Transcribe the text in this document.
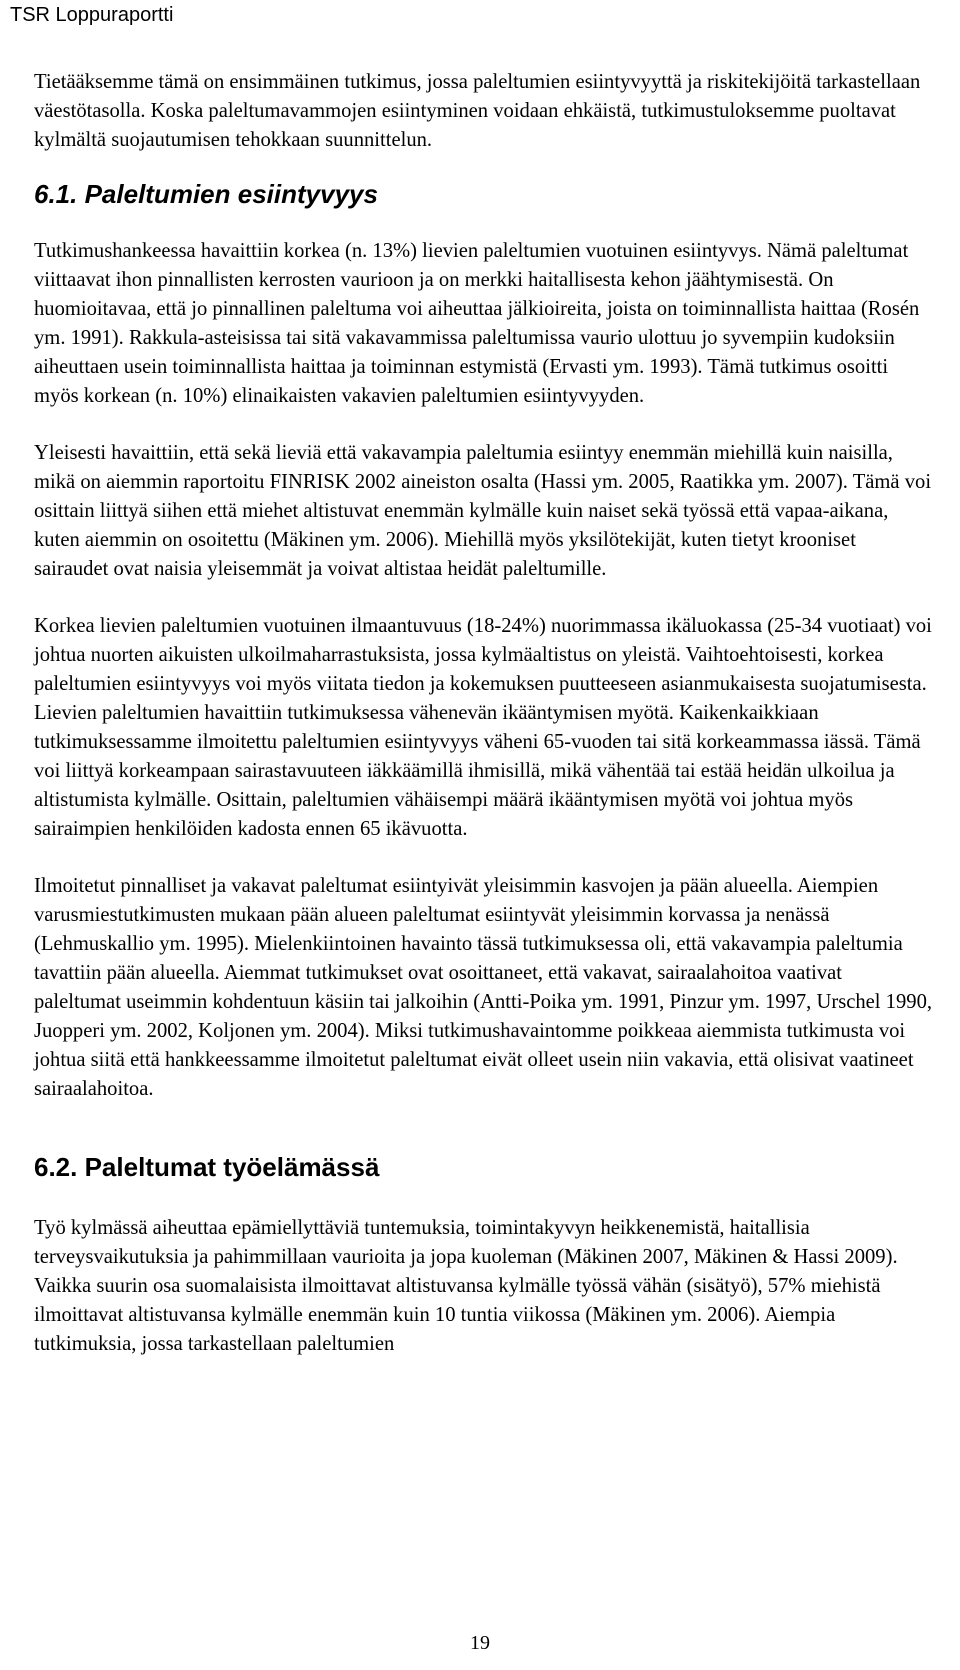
TSR Loppuraportti

Tietääksemme tämä on ensimmäinen tutkimus, jossa paleltumien esiintyvyyttä ja riskitekijöitä tarkastellaan väestötasolla. Koska paleltumavammojen esiintyminen voidaan ehkäistä, tutkimustuloksemme puoltavat kylmältä suojautumisen tehokkaan suunnittelun.

6.1. Paleltumien esiintyvyys

Tutkimushankeessa havaittiin korkea (n. 13%) lievien paleltumien vuotuinen esiintyvys. Nämä paleltumat viittaavat ihon pinnallisten kerrosten vaurioon ja on merkki haitallisesta kehon jäähtymisestä. On huomioitavaa, että jo pinnallinen paleltuma voi aiheuttaa jälkioireita, joista on toiminnallista haittaa (Rosén ym. 1991). Rakkula-asteisissa tai sitä vakavammissa paleltumissa vaurio ulottuu jo syvempiin kudoksiin aiheuttaen usein toiminnallista haittaa ja toiminnan estymistä (Ervasti ym. 1993). Tämä tutkimus osoitti myös korkean (n. 10%) elinaikaisten vakavien paleltumien esiintyvyyden.

Yleisesti havaittiin, että sekä lieviä että vakavampia paleltumia esiintyy enemmän miehillä kuin naisilla, mikä on aiemmin raportoitu FINRISK 2002 aineiston osalta (Hassi ym. 2005, Raatikka ym. 2007). Tämä voi osittain liittyä siihen että miehet altistuvat enemmän kylmälle kuin naiset sekä työssä että vapaa-aikana, kuten aiemmin on osoitettu (Mäkinen ym. 2006). Miehillä myös yksilötekijät, kuten tietyt krooniset sairaudet ovat naisia yleisemmät ja voivat altistaa heidät paleltumille.

Korkea lievien paleltumien vuotuinen ilmaantuvuus (18-24%) nuorimmassa ikäluokassa (25-34 vuotiaat) voi johtua nuorten aikuisten ulkoilmaharrastuksista, jossa kylmäaltistus on yleistä. Vaihtoehtoisesti, korkea paleltumien esiintyvyys voi myös viitata tiedon ja kokemuksen puutteeseen asianmukaisesta suojatumisesta. Lievien paleltumien havaittiin tutkimuksessa vähenevän ikääntymisen myötä. Kaikenkaikkiaan tutkimuksessamme ilmoitettu paleltumien esiintyvyys väheni 65-vuoden tai sitä korkeammassa iässä. Tämä voi liittyä korkeampaan sairastavuuteen iäkkäämillä ihmisillä, mikä vähentää tai estää heidän ulkoilua ja altistumista kylmälle. Osittain, paleltumien vähäisempi määrä ikääntymisen myötä voi johtua myös sairaimpien henkilöiden kadosta ennen 65 ikävuotta.

Ilmoitetut pinnalliset ja vakavat paleltumat esiintyivät yleisimmin kasvojen ja pään alueella. Aiempien varusmiestutkimusten mukaan pään alueen paleltumat esiintyvät yleisimmin korvassa ja nenässä (Lehmuskallio ym. 1995). Mielenkiintoinen havainto tässä tutkimuksessa oli, että vakavampia paleltumia tavattiin pään alueella. Aiemmat tutkimukset ovat osoittaneet, että vakavat, sairaalahoitoa vaativat paleltumat useimmin kohdentuun käsiin tai jalkoihin (Antti-Poika ym. 1991, Pinzur ym. 1997, Urschel 1990, Juopperi ym. 2002, Koljonen ym. 2004). Miksi tutkimushavaintomme poikkeaa aiemmista tutkimusta voi johtua siitä että hankkeessamme ilmoitetut paleltumat eivät olleet usein niin vakavia, että olisivat vaatineet sairaalahoitoa.

6.2. Paleltumat työelämässä

Työ kylmässä aiheuttaa epämiellyttäviä tuntemuksia, toimintakyvyn heikkenemistä, haitallisia terveysvaikutuksia ja pahimmillaan vaurioita ja jopa kuoleman (Mäkinen 2007, Mäkinen & Hassi 2009). Vaikka suurin osa suomalaisista ilmoittavat altistuvansa kylmälle työssä vähän (sisätyö), 57% miehistä ilmoittavat altistuvansa kylmälle enemmän kuin 10 tuntia viikossa (Mäkinen ym. 2006). Aiempia tutkimuksia, jossa tarkastellaan paleltumien

19
